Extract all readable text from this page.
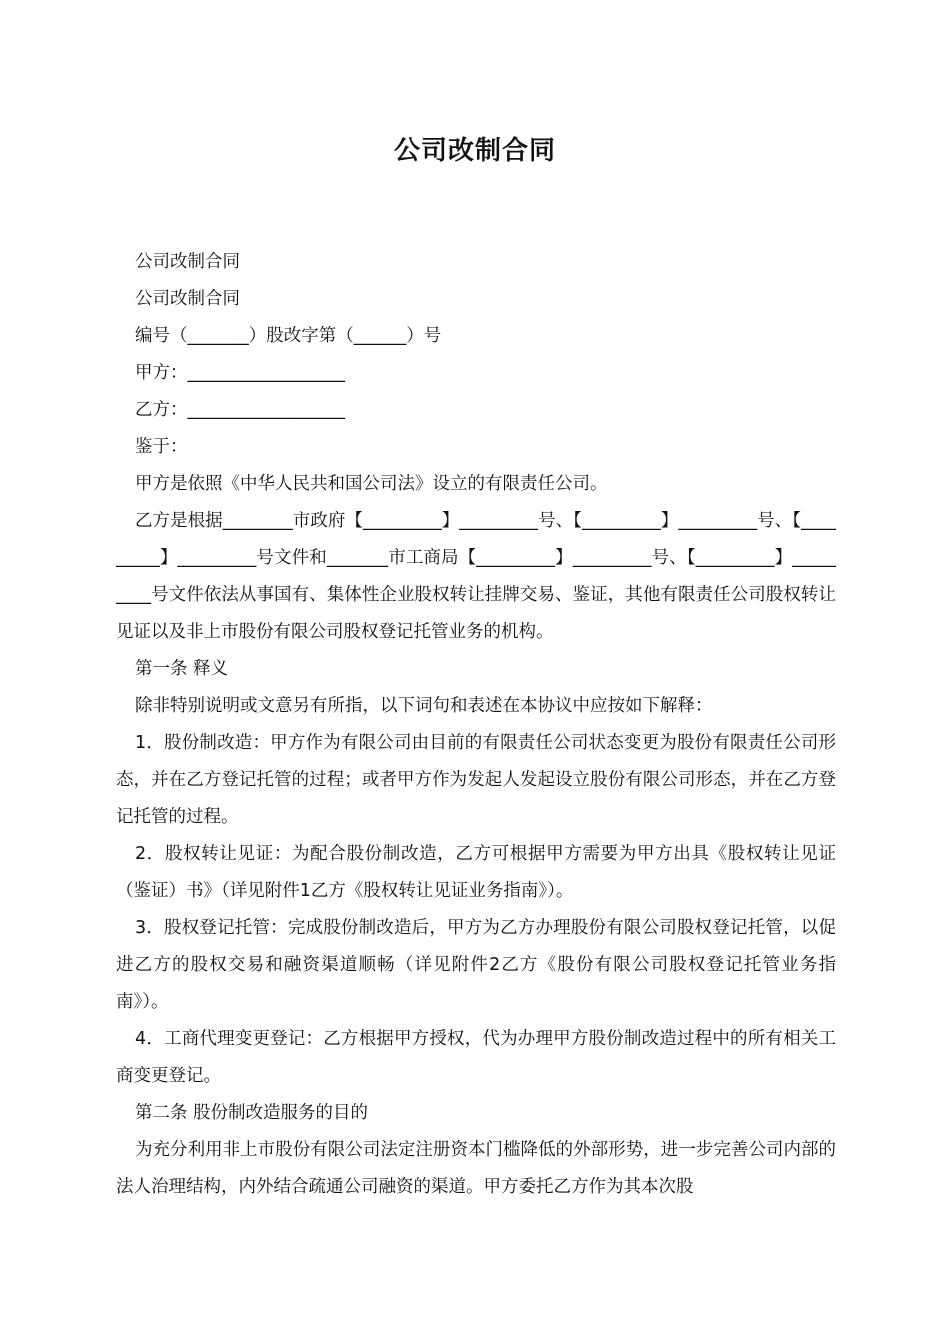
公司改制合同

公司改制合同

公司改制合同

编号（_______）股改字第（______）号

甲方：__________________

乙方：__________________

鉴于：

甲方是依照《中华人民共和国公司法》设立的有限责任公司。

乙方是根据________市政府【_________】_________号、【_________】_________号、【_________】_________号文件和_______市工商局【_________】_________号、【_________】_________号文件依法从事国有、集体性企业股权转让挂牌交易、鉴证，其他有限责任公司股权转让见证以及非上市股份有限公司股权登记托管业务的机构。

第一条 释义

除非特别说明或文意另有所指，以下词句和表述在本协议中应按如下解释：

1．股份制改造：甲方作为有限公司由目前的有限责任公司状态变更为股份有限责任公司形态，并在乙方登记托管的过程；或者甲方作为发起人发起设立股份有限公司形态，并在乙方登记托管的过程。

2．股权转让见证：为配合股份制改造，乙方可根据甲方需要为甲方出具《股权转让见证（鉴证）书》（详见附件1乙方《股权转让见证业务指南》）。

3．股权登记托管：完成股份制改造后，甲方为乙方办理股份有限公司股权登记托管，以促进乙方的股权交易和融资渠道顺畅（详见附件2乙方《股份有限公司股权登记托管业务指南》）。

4．工商代理变更登记：乙方根据甲方授权，代为办理甲方股份制改造过程中的所有相关工商变更登记。

第二条 股份制改造服务的目的

为充分利用非上市股份有限公司法定注册资本门槛降低的外部形势，进一步完善公司内部的法人治理结构，内外结合疏通公司融资的渠道。甲方委托乙方作为其本次股
